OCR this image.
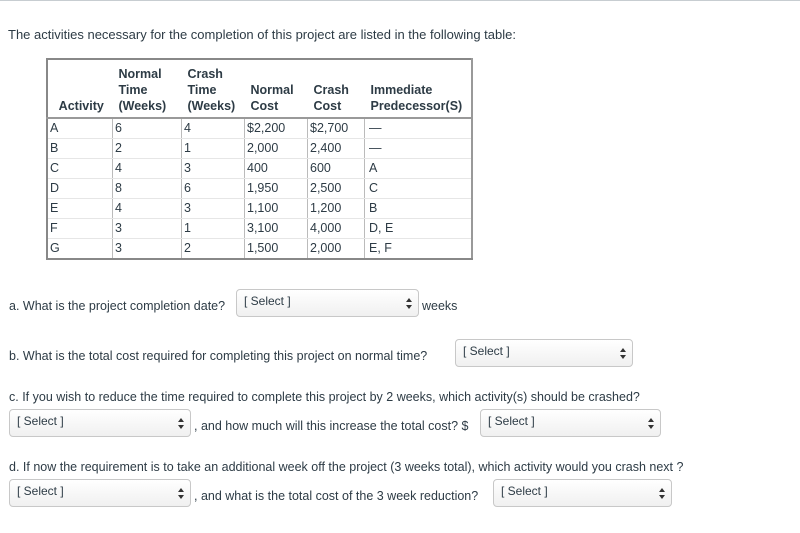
The activities necessary for the completion of this project are listed in the following table:
Activity	Normal
Time
(Weeks)	Crash
Time
(Weeks)	Normal
Cost	Crash
Cost	Immediate
Predecessor(S)
A	6	4	$2,200	$2,700	—
B	2	1	2,000	2,400	—
C	4	3	400	600	A
D	8	6	1,950	2,500	C
E	4	3	1,100	1,200	B
F	3	1	3,100	4,000	D, E
G	3	2	1,500	2,000	E, F
a. What is the project completion date?	[ Select ]	weeks
b. What is the total cost required for completing this project on normal time?	[ Select ]
c. If you wish to reduce the time required to complete this project by 2 weeks, which activity(s) should be crashed?
[ Select ]	, and how much will this increase the total cost? $	[ Select ]
d. If now the requirement is to take an additional week off the project (3 weeks total), which activity would you crash next ?
[ Select ]	, and what is the total cost of the 3 week reduction?	[ Select ]
